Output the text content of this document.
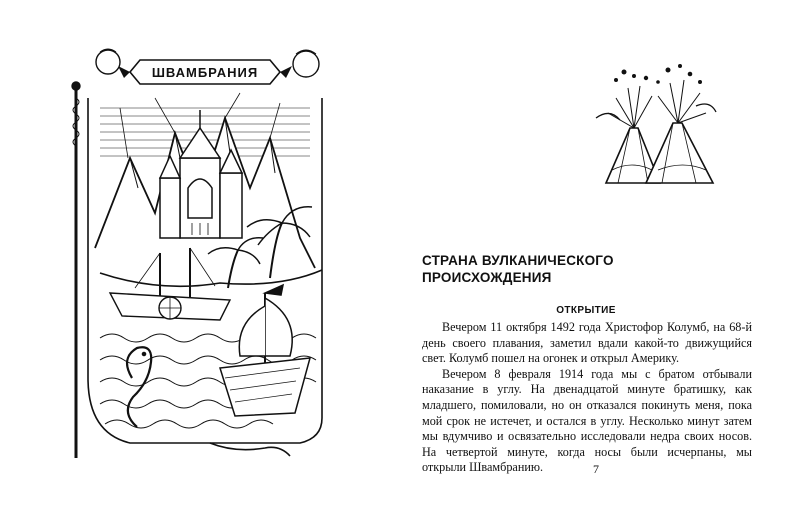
ШВАМБРАНИЯ
СТРАНА ВУЛКАНИЧЕСКОГО
ПРОИСХОЖДЕНИЯ
ОТКРЫТИЕ

Вечером 11 октября 1492 года Христофор Колумб, на 68-й день своего плавания, заметил вдали какой-то движущийся свет. Колумб пошел на огонек и открыл Америку.

Вечером 8 февраля 1914 года мы с братом отбывали наказание в углу. На двенадцатой минуте братишку, как младшего, помиловали, но он отказался покинуть меня, пока мой срок не истечет, и остался в углу. Несколько минут затем мы вдумчиво и освязательно исследовали недра своих носов. На четвертой минуте, когда носы были исчерпаны, мы открыли Швамбранию.	7
